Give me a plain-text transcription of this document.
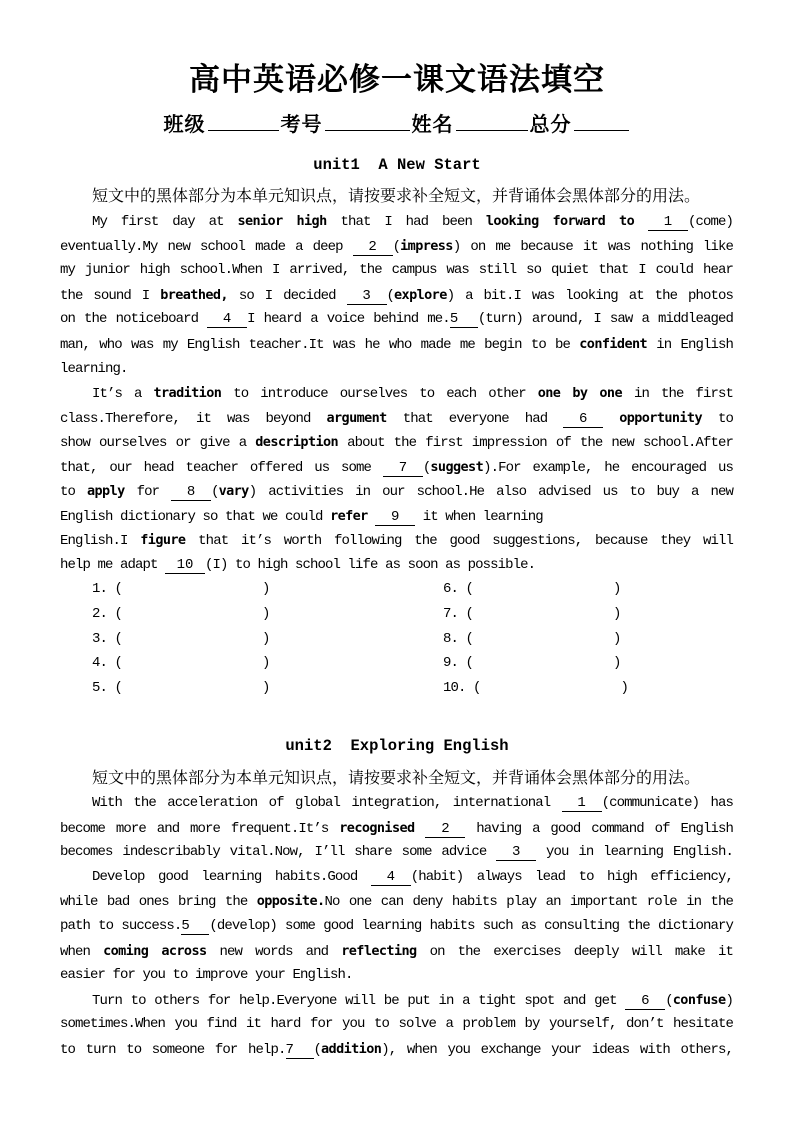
高中英语必修一课文语法填空
班级	考号	姓名	总分
unit1  A New Start

短文中的黑体部分为本单元知识点，请按要求补全短文，并背诵体会黑体部分的用法。

My first day at senior high that I had been looking forward to 1 (come)
eventually.My new school made a deep 2 (impress) on me because it was nothing like
my junior high school.When I arrived, the campus was still so quiet that I could hear
the sound I breathed, so I decided 3 (explore) a bit.I was looking at the photos
on the noticeboard 4 I heard a voice behind me.5 (turn) around, I saw a middleaged
man, who was my English teacher.It was he who made me begin to be confident in English
learning.
It’s a tradition to introduce ourselves to each other one by one in the first
class.Therefore, it was beyond argument that everyone had 6 opportunity to
show ourselves or give a description about the first impression of the new school.After
that, our head teacher offered us some 7 (suggest).For example, he encouraged us
to apply for 8 (vary) activities in our school.He also advised us to buy a new
English dictionary so that we could refer 9 it when learning
English.I figure that it’s worth following the good suggestions, because they will
help me adapt 10 (I) to high school life as soon as possible.
1. (	)	6. (	)
2. (	)	7. (	)
3. (	)	8. (	)
4. (	)	9. (	)
5. (	)	10. (	)
unit2  Exploring English

短文中的黑体部分为本单元知识点，请按要求补全短文，并背诵体会黑体部分的用法。

With the acceleration of global integration, international 1 (communicate) has
become more and more frequent.It’s recognised 2 having a good command of English
becomes indescribably vital.Now, I’ll share some advice 3 you in learning English.
Develop good learning habits.Good 4 (habit) always lead to high efficiency,
while bad ones bring the opposite.No one can deny habits play an important role in the
path to success.5 (develop) some good learning habits such as consulting the dictionary
when coming across new words and reflecting on the exercises deeply will make it
easier for you to improve your English.
Turn to others for help.Everyone will be put in a tight spot and get 6 (confuse)
sometimes.When you find it hard for you to solve a problem by yourself, don’t hesitate
to turn to someone for help.7 (addition), when you exchange your ideas with others,
